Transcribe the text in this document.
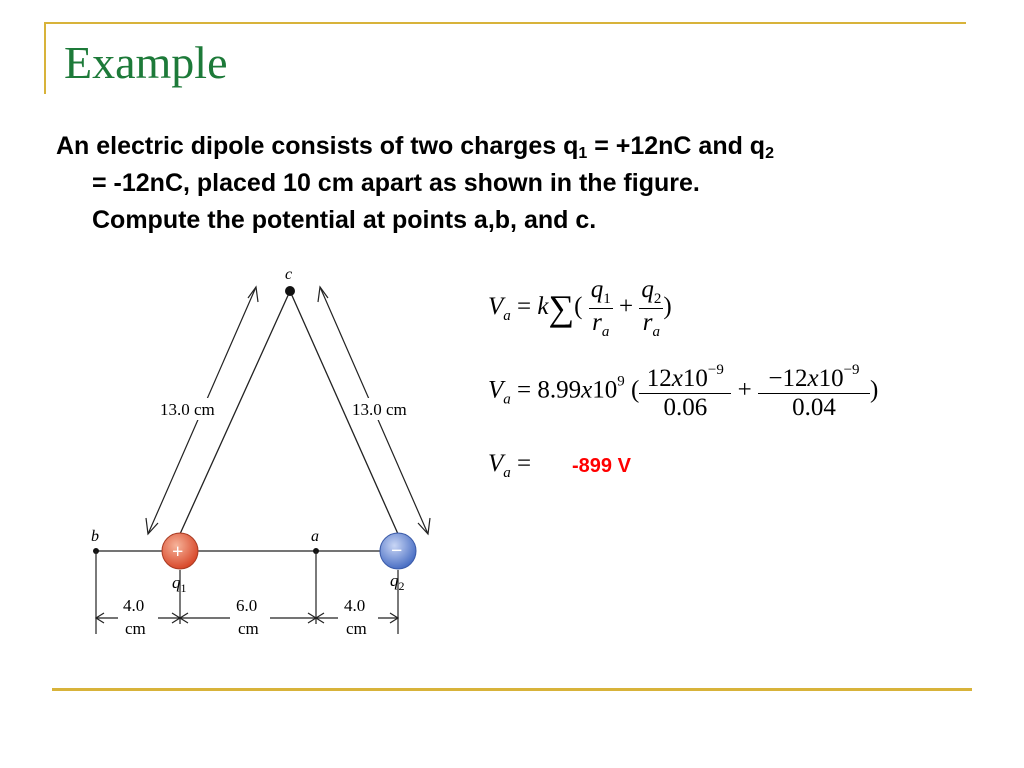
Example
An electric dipole consists of two charges $q_1 = +12nC$ and $q_2$
= -12nC, placed 10 cm apart as shown in the figure.
Compute the potential at points a,b, and c.
13.0 cm	13.0 cm
c
b	a
+	−
$q_1$	$q_2$
4.0
cm
6.0
cm
4.0
cm
$V_a = k\sum( \frac{q_1}{r_a} + \frac{q_2}{r_a}$ )
$V_a = 8.99x10^9$ ( $\frac{12x10^{-9}}{0.06} + \frac{-12x10^{-9}}{0.04}$ )
$V_a = -899$ V
